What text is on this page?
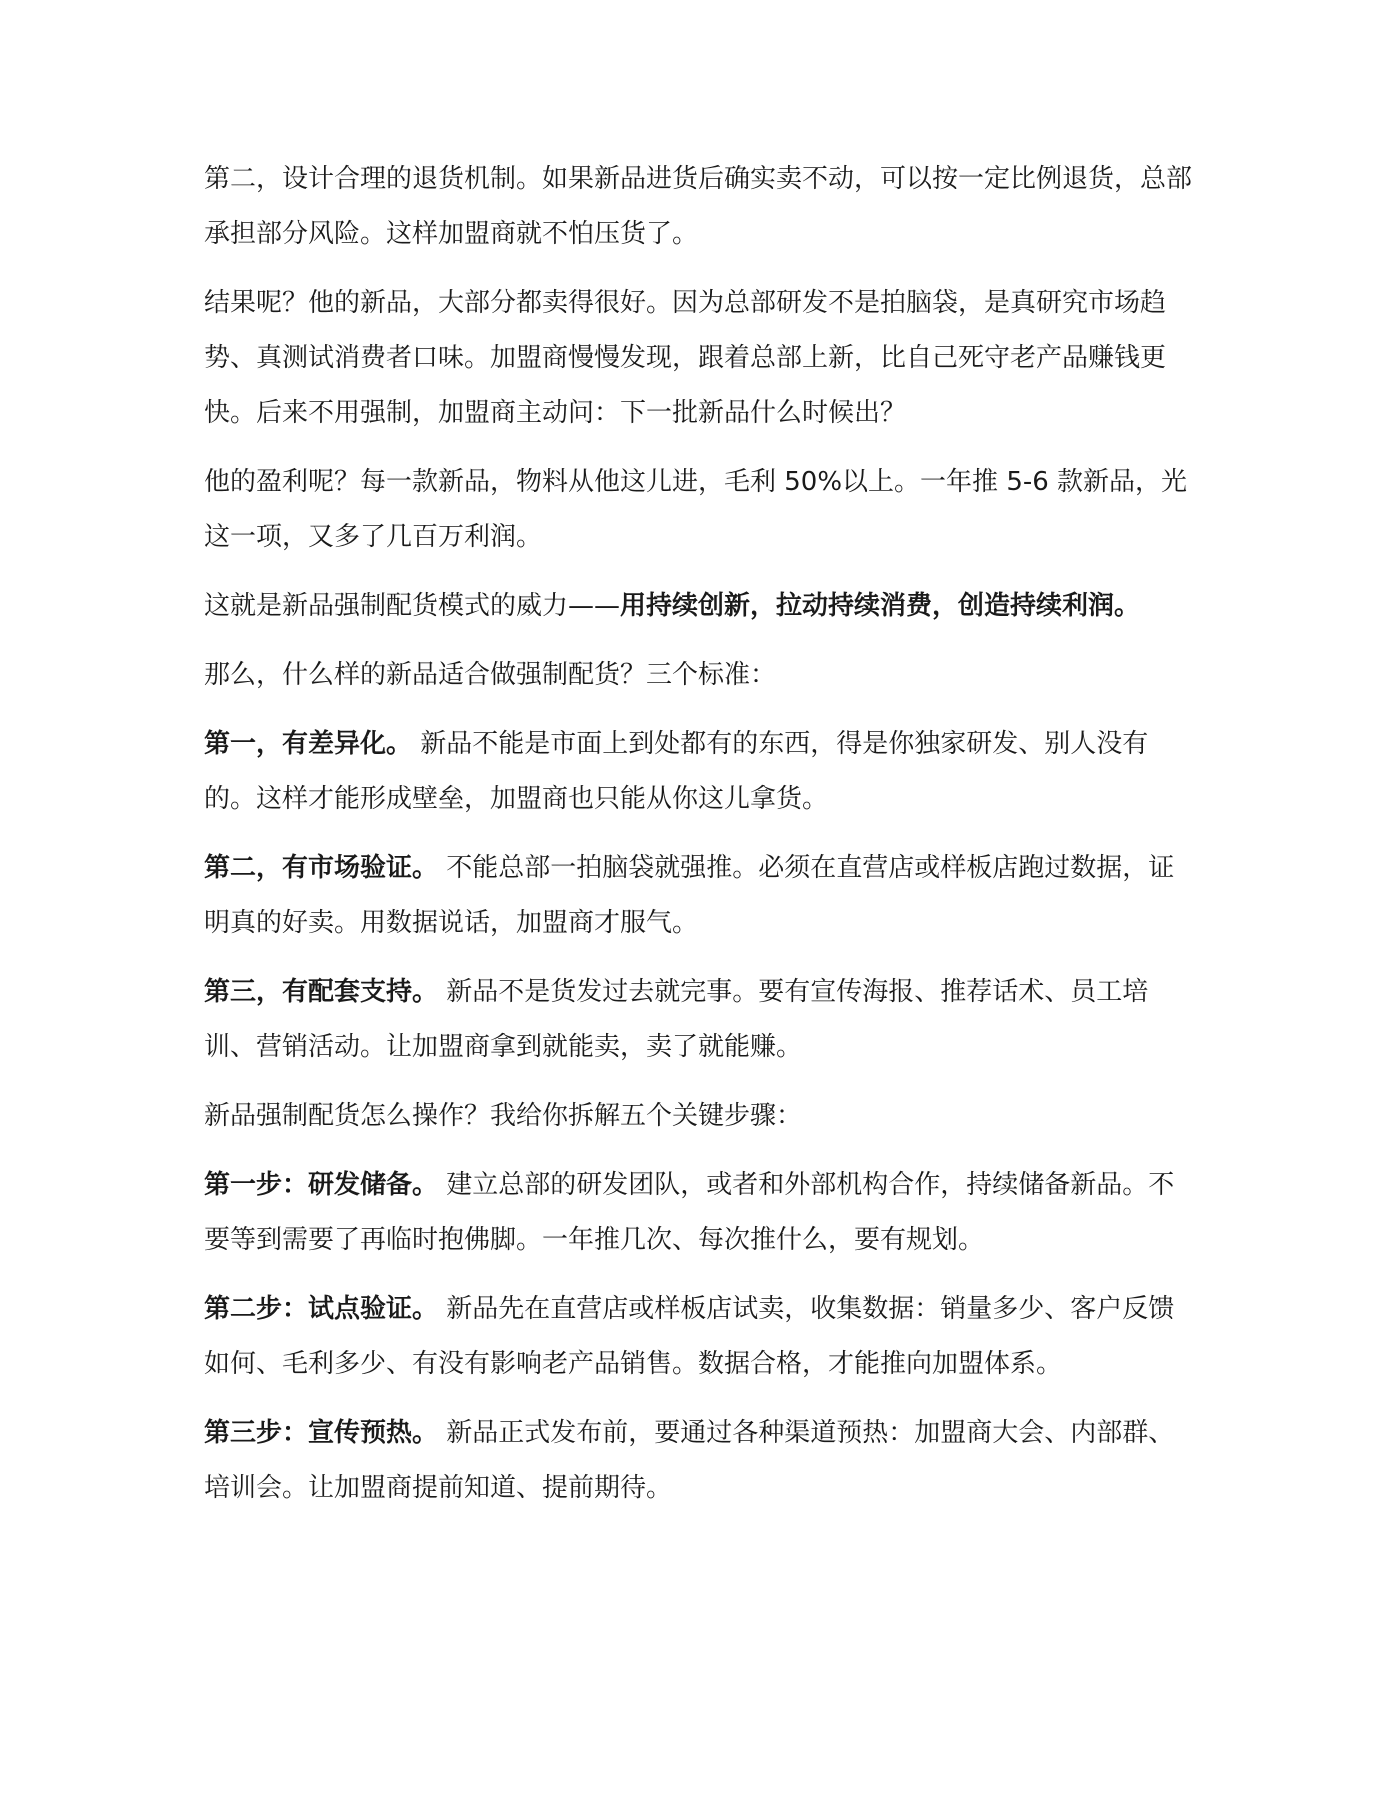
第二，设计合理的退货机制。如果新品进货后确实卖不动，可以按一定比例退货，总部承担部分风险。这样加盟商就不怕压货了。

结果呢？他的新品，大部分都卖得很好。因为总部研发不是拍脑袋，是真研究市场趋势、真测试消费者口味。加盟商慢慢发现，跟着总部上新，比自己死守老产品赚钱更快。后来不用强制，加盟商主动问：下一批新品什么时候出？

他的盈利呢？每一款新品，物料从他这儿进，毛利 50%以上。一年推 5-6 款新品，光这一项，又多了几百万利润。

这就是新品强制配货模式的威力——用持续创新，拉动持续消费，创造持续利润。

那么，什么样的新品适合做强制配货？三个标准：

第一，有差异化。 新品不能是市面上到处都有的东西，得是你独家研发、别人没有的。这样才能形成壁垒，加盟商也只能从你这儿拿货。

第二，有市场验证。 不能总部一拍脑袋就强推。必须在直营店或样板店跑过数据，证明真的好卖。用数据说话，加盟商才服气。

第三，有配套支持。 新品不是货发过去就完事。要有宣传海报、推荐话术、员工培训、营销活动。让加盟商拿到就能卖，卖了就能赚。

新品强制配货怎么操作？我给你拆解五个关键步骤：

第一步：研发储备。 建立总部的研发团队，或者和外部机构合作，持续储备新品。不要等到需要了再临时抱佛脚。一年推几次、每次推什么，要有规划。

第二步：试点验证。 新品先在直营店或样板店试卖，收集数据：销量多少、客户反馈如何、毛利多少、有没有影响老产品销售。数据合格，才能推向加盟体系。

第三步：宣传预热。 新品正式发布前，要通过各种渠道预热：加盟商大会、内部群、培训会。让加盟商提前知道、提前期待。
